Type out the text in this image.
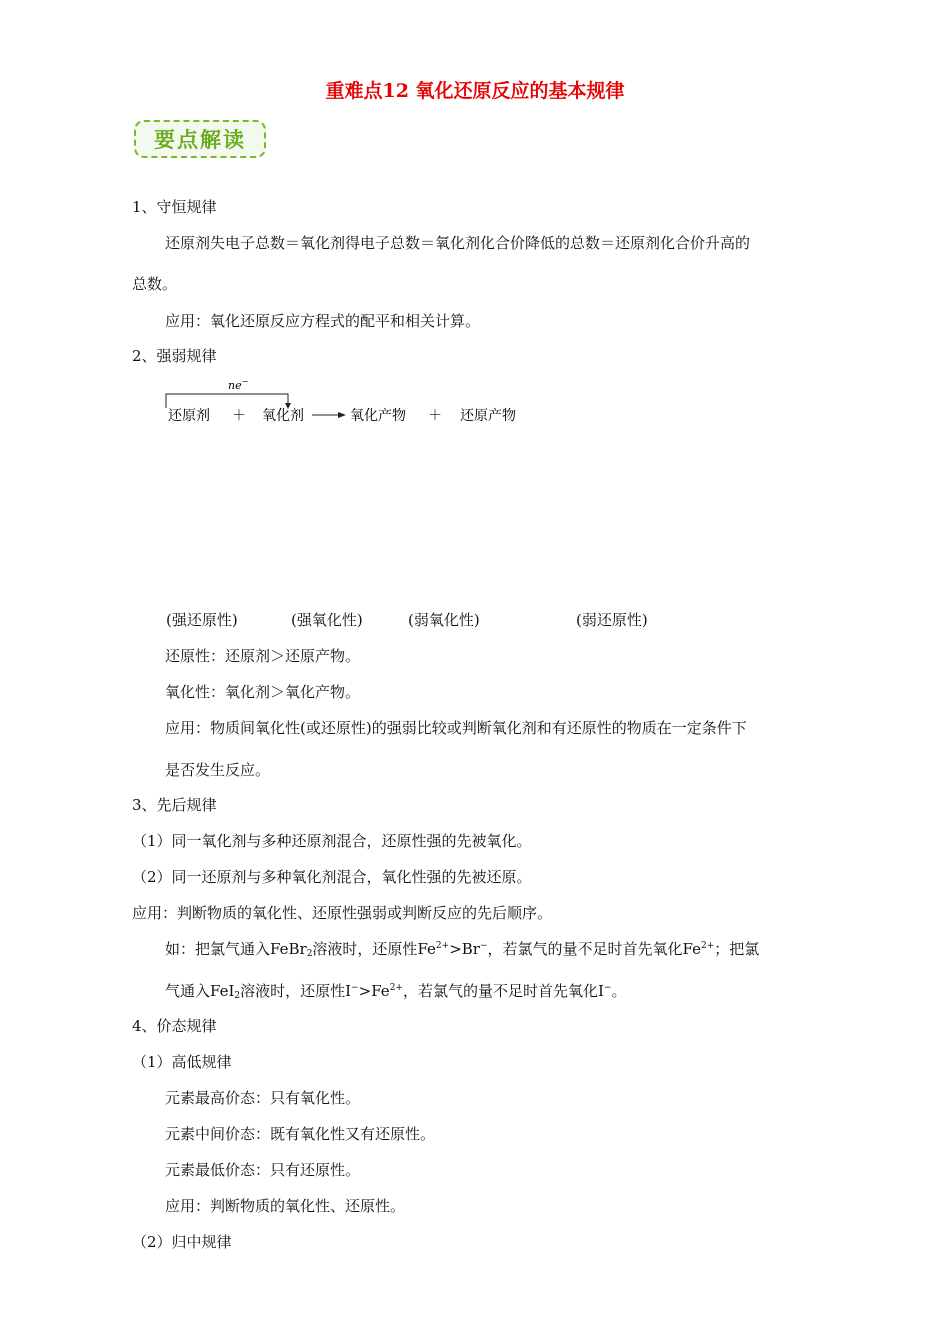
重难点12 氧化还原反应的基本规律
要点解读
1、守恒规律
还原剂失电子总数＝氧化剂得电子总数＝氧化剂化合价降低的总数＝还原剂化合价升高的
总数。
应用：氧化还原反应方程式的配平和相关计算。
2、强弱规律
ne−
还原剂 ＋ 氧化剂	氧化产物 ＋ 还原产物
(强还原性)	(强氧化性)	(弱氧化性)	(弱还原性)
还原性：还原剂＞还原产物。
氧化性：氧化剂＞氧化产物。
应用：物质间氧化性(或还原性)的强弱比较或判断氧化剂和有还原性的物质在一定条件下
是否发生反应。
3、先后规律
（1）同一氧化剂与多种还原剂混合，还原性强的先被氧化。
（2）同一还原剂与多种氧化剂混合，氧化性强的先被还原。
应用：判断物质的氧化性、还原性强弱或判断反应的先后顺序。
如：把氯气通入FeBr$_2$溶液时，还原性$Fe^{2+}>Br^-$，若氯气的量不足时首先氧化$Fe^{2+}$；把氯
气通入FeI$_2$溶液时，还原性$I^->Fe^{2+}$，若氯气的量不足时首先氧化I−。
4、价态规律
（1）高低规律
元素最高价态：只有氧化性。
元素中间价态：既有氧化性又有还原性。
元素最低价态：只有还原性。
应用：判断物质的氧化性、还原性。
（2）归中规律
